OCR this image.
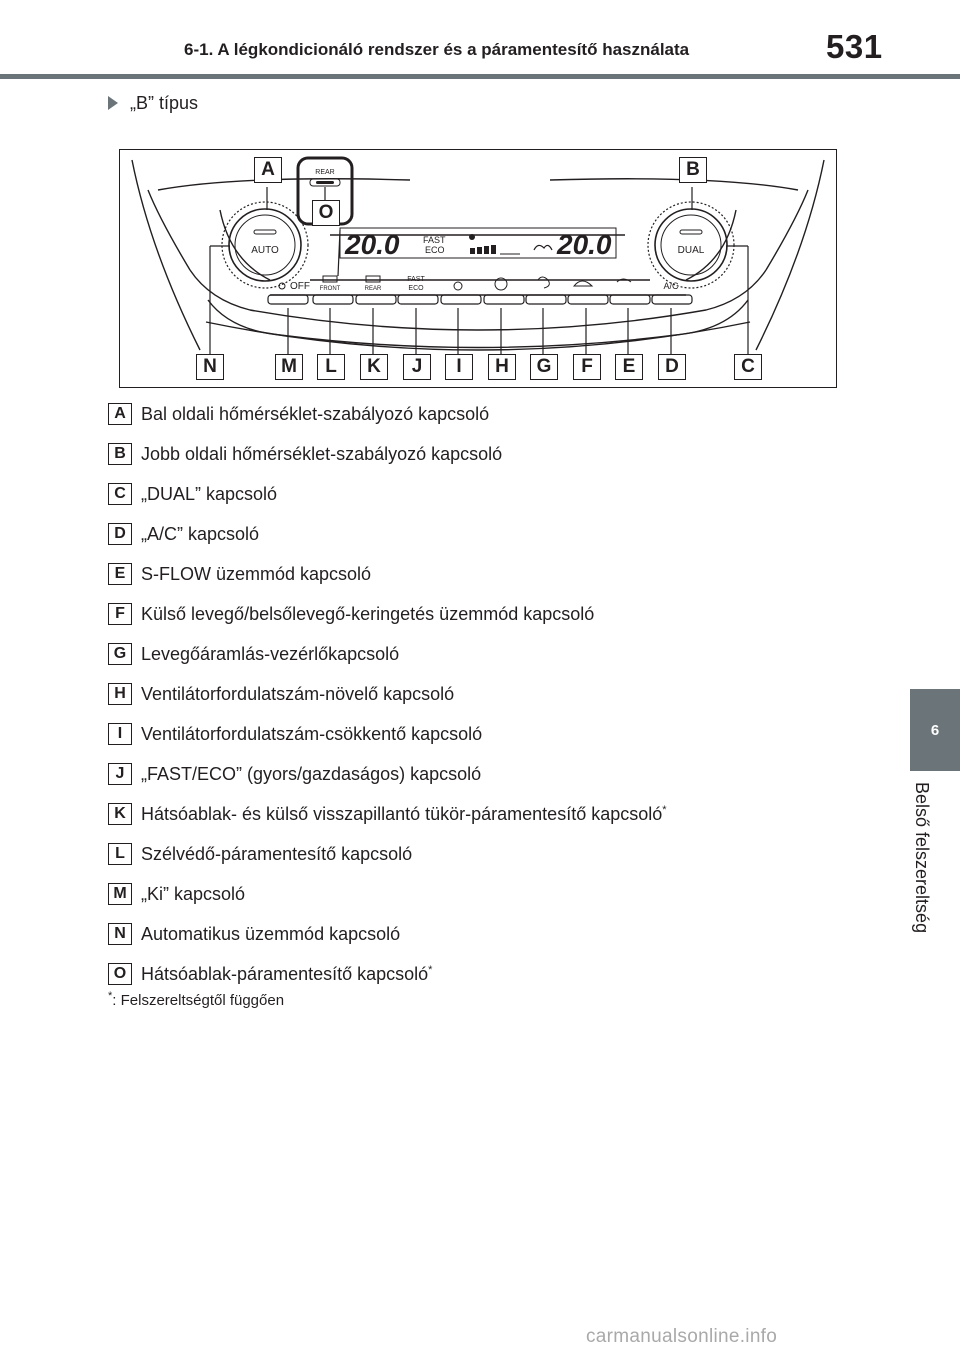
6-1. A légkondicionáló rendszer és a páramentesítő használata	531
„B” típus
AUTO	DUAL
20.0	20.0
FAST
ECO
REAR
OFF FRONT	REAR
FAST
ECO	A/C
A	B
O
N	M	L	K	J	I	H	G	F	E	D	C
A Bal oldali hőmérséklet-szabályozó kapcsoló
B Jobb oldali hőmérséklet-szabályozó kapcsoló
C „DUAL” kapcsoló
D „A/C” kapcsoló
E S-FLOW üzemmód kapcsoló
F Külső levegő/belsőlevegő-keringetés üzemmód kapcsoló
G Levegőáramlás-vezérlőkapcsoló
H Ventilátorfordulatszám-növelő kapcsoló
I	Ventilátorfordulatszám-csökkentő kapcsoló
J „FAST/ECO” (gyors/gazdaságos) kapcsoló
K Hátsóablak- és külső visszapillantó tükör-páramentesítő kapcsoló*
L Szélvédő-páramentesítő kapcsoló
M „Ki” kapcsoló
N Automatikus üzemmód kapcsoló
O Hátsóablak-páramentesítő kapcsoló*
*: Felszereltségtől függően
6
Belső felszereltség
carmanualsonline.info
